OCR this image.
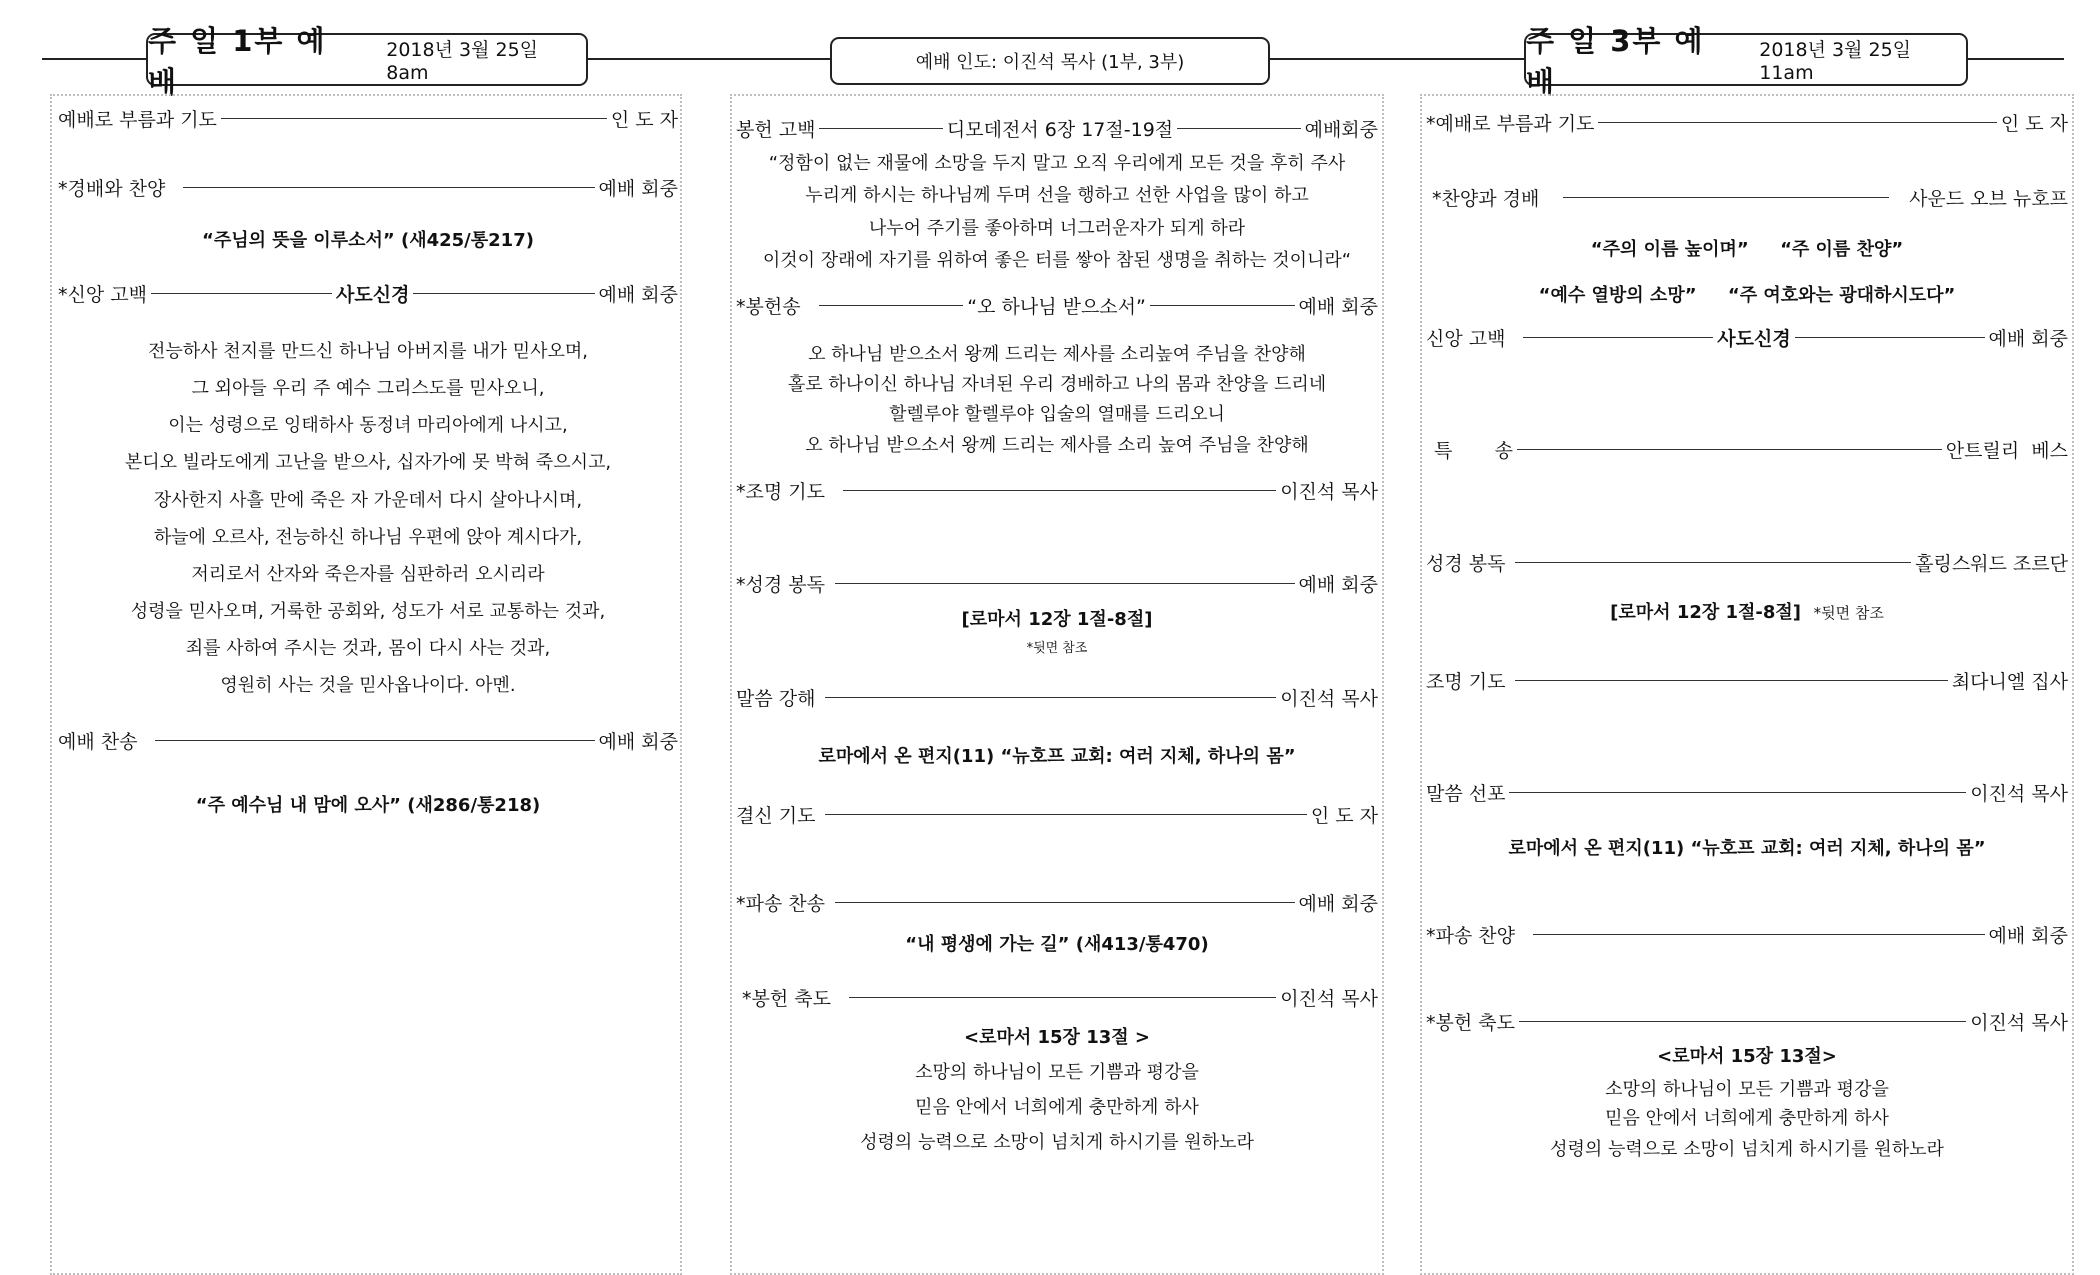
주 일 1부 예배
2018년 3월 25일 8am	예배 인도: 이진석 목사 (1부, 3부)
주 일 3부 예배
2018년 3월 25일 11am
예배로 부름과 기도	인 도 자
*경배와 찬양	예배 회중
“주님의 뜻을 이루소서” (새425/통217)
*신앙 고백	사도신경	예배 회중
전능하사 천지를 만드신 하나님 아버지를 내가 믿사오며,
그 외아들 우리 주 예수 그리스도를 믿사오니,
이는 성령으로 잉태하사 동정녀 마리아에게 나시고,
본디오 빌라도에게 고난을 받으사, 십자가에 못 박혀 죽으시고,
장사한지 사흘 만에 죽은 자 가운데서 다시 살아나시며,
하늘에 오르사, 전능하신 하나님 우편에 앉아 계시다가,
저리로서 산자와 죽은자를 심판하러 오시리라
성령을 믿사오며, 거룩한 공회와, 성도가 서로 교통하는 것과,
죄를 사하여 주시는 것과, 몸이 다시 사는 것과,
영원히 사는 것을 믿사옵나이다. 아멘.
예배 찬송	예배 회중
“주 예수님 내 맘에 오사” (새286/통218)
봉헌 고백	디모데전서 6장 17절-19절	예배회중
“정함이 없는 재물에 소망을 두지 말고 오직 우리에게 모든 것을 후히 주사
누리게 하시는 하나님께 두며 선을 행하고 선한 사업을 많이 하고
나누어 주기를 좋아하며 너그러운자가 되게 하라
이것이 장래에 자기를 위하여 좋은 터를 쌓아 참된 생명을 취하는 것이니라“
*봉헌송	“오 하나님 받으소서”	예배 회중
오 하나님 받으소서 왕께 드리는 제사를 소리높여 주님을 찬양해
홀로 하나이신 하나님 자녀된 우리 경배하고 나의 몸과 찬양을 드리네
할렐루야 할렐루야 입술의 열매를 드리오니
오 하나님 받으소서 왕께 드리는 제사를 소리 높여 주님을 찬양해
*조명 기도	이진석 목사
*성경 봉독	예배 회중
[로마서 12장 1절-8절]
*뒷면 참조
말씀 강해	이진석 목사
로마에서 온 편지(11) “뉴호프 교회: 여러 지체, 하나의 몸”
결신 기도	인 도 자
*파송 찬송	예배 회중
“내 평생에 가는 길” (새413/통470)
*봉헌 축도	이진석 목사
<로마서 15장 13절 >
소망의 하나님이 모든 기쁨과 평강을
믿음 안에서 너희에게 충만하게 하사
성령의 능력으로 소망이 넘치게 하시기를 원하노라
*예배로 부름과 기도	인 도 자
*찬양과 경배	사운드 오브 뉴호프
“주의 이름 높이며” “주 이름 찬양”
“예수 열방의 소망” “주 여호와는 광대하시도다”
신앙 고백	사도신경	예배 회중
특       송	안트릴리  베스
성경 봉독	홀링스워드 조르단
[로마서 12장 1절-8절] *뒷면 참조
조명 기도	최다니엘 집사
말씀 선포	이진석 목사
로마에서 온 편지(11) “뉴호프 교회: 여러 지체, 하나의 몸”
*파송 찬양	예배 회중
*봉헌 축도	이진석 목사
<로마서 15장 13절>
소망의 하나님이 모든 기쁨과 평강을
믿음 안에서 너희에게 충만하게 하사
성령의 능력으로 소망이 넘치게 하시기를 원하노라
